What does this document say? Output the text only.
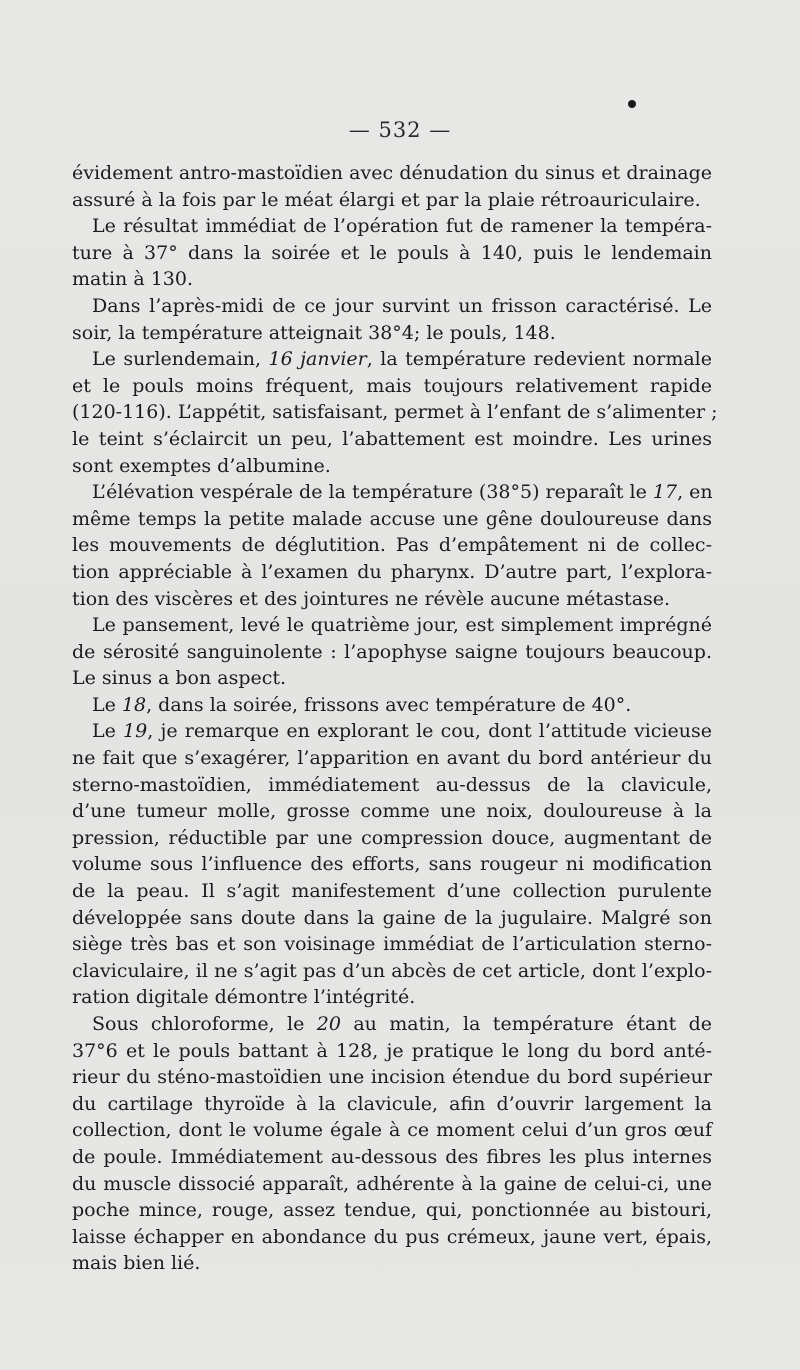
— 532 —
évidement antro-mastoïdien avec dénudation du sinus et drainage
assuré à la fois par le méat élargi et par la plaie rétroauriculaire.
Le résultat immédiat de l’opération fut de ramener la tempéra-
ture à 37° dans la soirée et le pouls à 140, puis le lendemain
matin à 130.
Dans l’après-midi de ce jour survint un frisson caractérisé. Le
soir, la température atteignait 38°4; le pouls, 148.
Le surlendemain, 16 janvier, la température redevient normale
et le pouls moins fréquent, mais toujours relativement rapide
(120-116). L’appétit, satisfaisant, permet à l’enfant de s’alimenter ;
le teint s’éclaircit un peu, l’abattement est moindre. Les urines
sont exemptes d’albumine.
L’élévation vespérale de la température (38°5) reparaît le 17, en
même temps la petite malade accuse une gêne douloureuse dans
les mouvements de déglutition. Pas d’empâtement ni de collec-
tion appréciable à l’examen du pharynx. D’autre part, l’explora-
tion des viscères et des jointures ne révèle aucune métastase.
Le pansement, levé le quatrième jour, est simplement imprégné
de sérosité sanguinolente : l’apophyse saigne toujours beaucoup.
Le sinus a bon aspect.
Le 18, dans la soirée, frissons avec température de 40°.
Le 19, je remarque en explorant le cou, dont l’attitude vicieuse
ne fait que s’exagérer, l’apparition en avant du bord antérieur du
sterno-mastoïdien, immédiatement au-dessus de la clavicule,
d’une tumeur molle, grosse comme une noix, douloureuse à la
pression, réductible par une compression douce, augmentant de
volume sous l’influence des efforts, sans rougeur ni modification
de la peau. Il s’agit manifestement d’une collection purulente
développée sans doute dans la gaine de la jugulaire. Malgré son
siège très bas et son voisinage immédiat de l’articulation sterno-
claviculaire, il ne s’agit pas d’un abcès de cet article, dont l’explo-
ration digitale démontre l’intégrité.
Sous chloroforme, le 20 au matin, la température étant de
37°6 et le pouls battant à 128, je pratique le long du bord anté-
rieur du sténo-mastoïdien une incision étendue du bord supérieur
du cartilage thyroïde à la clavicule, afin d’ouvrir largement la
collection, dont le volume égale à ce moment celui d’un gros œuf
de poule. Immédiatement au-dessous des fibres les plus internes
du muscle dissocié apparaît, adhérente à la gaine de celui-ci, une
poche mince, rouge, assez tendue, qui, ponctionnée au bistouri,
laisse échapper en abondance du pus crémeux, jaune vert, épais,
mais bien lié.
